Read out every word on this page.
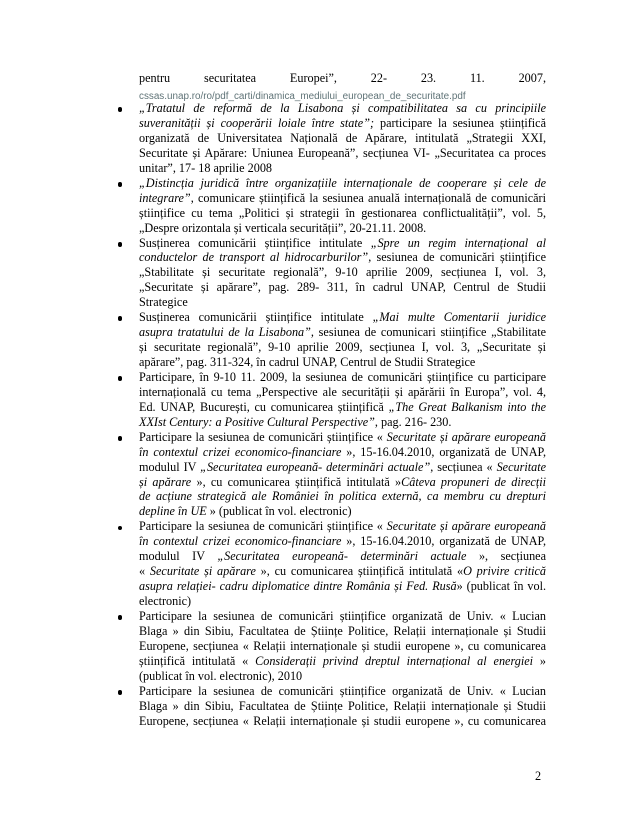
pentru securitatea Europei”, 22- 23. 11. 2007,
cssas.unap.ro/ro/pdf_carti/dinamica_mediului_european_de_securitate.pdf
„Tratatul de reformă de la Lisabona și compatibilitatea sa cu principiile
suveranității și cooperării loiale între state”; participare la sesiunea științifică
organizată de Universitatea Națională de Apărare, intitulată „Strategii XXI,
Securitate și Apărare: Uniunea Europeană”, secțiunea VI- „Securitatea ca proces
unitar”, 17- 18 aprilie 2008
„Distincția juridică între organizațiile internaționale de cooperare și cele de
integrare”, comunicare științifică la sesiunea anuală internațională de comunicări
științifice cu tema „Politici și strategii în gestionarea conflictualității”, vol. 5,
„Despre orizontala și verticala securității”, 20-21.11. 2008.
Susținerea comunicării științifice intitulate „Spre un regim internațional al
conductelor de transport al hidrocarburilor”, sesiunea de comunicări științifice
„Stabilitate și securitate regională”, 9-10 aprilie 2009, secțiunea I, vol. 3,
„Securitate și apărare”, pag. 289- 311, în cadrul UNAP, Centrul de Studii
Strategice
Susținerea comunicării științifice intitulate „Mai multe Comentarii juridice
asupra tratatului de la Lisabona”, sesiunea de comunicari stiințifice „Stabilitate
și securitate regională”, 9-10 aprilie 2009, secțiunea I, vol. 3, „Securitate și
apărare”, pag. 311-324, în cadrul UNAP, Centrul de Studii Strategice
Participare, în 9-10 11. 2009, la sesiunea de comunicări științifice cu participare
internațională cu tema „Perspective ale securității și apărării în Europa”, vol. 4,
Ed. UNAP, București, cu comunicarea științifică „The Great Balkanism into the
XXIst Century: a Positive Cultural Perspective”, pag. 216- 230.
Participare la sesiunea de comunicări științifice « Securitate și apărare europeană
în contextul crizei economico-financiare », 15-16.04.2010, organizată de UNAP,
modulul IV „Securitatea europeană- determinări actuale”, secțiunea « Securitate
și apărare », cu comunicarea științifică intitulată »Câteva propuneri de direcții
de acțiune strategică ale României în politica externă, ca membru cu drepturi
depline în UE » (publicat în vol. electronic)
Participare la sesiunea de comunicări științifice « Securitate și apărare europeană
în contextul crizei economico-financiare », 15-16.04.2010, organizată de UNAP,
modulul IV „Securitatea europeană- determinări actuale », secțiunea
« Securitate și apărare », cu comunicarea științifică intitulată «O privire critică
asupra relației- cadru diplomatice dintre România și Fed. Rusă» (publicat în vol.
electronic)
Participare la sesiunea de comunicări științifice organizată de Univ. « Lucian
Blaga » din Sibiu, Facultatea de Științe Politice, Relații internaționale și Studii
Europene, secțiunea « Relații internaționale și studii europene », cu comunicarea
științifică intitulată « Considerații privind dreptul internațional al energiei »
(publicat în vol. electronic), 2010
Participare la sesiunea de comunicări științifice organizată de Univ. « Lucian
Blaga » din Sibiu, Facultatea de Științe Politice, Relații internaționale și Studii
Europene, secțiunea « Relații internaționale și studii europene », cu comunicarea
2
